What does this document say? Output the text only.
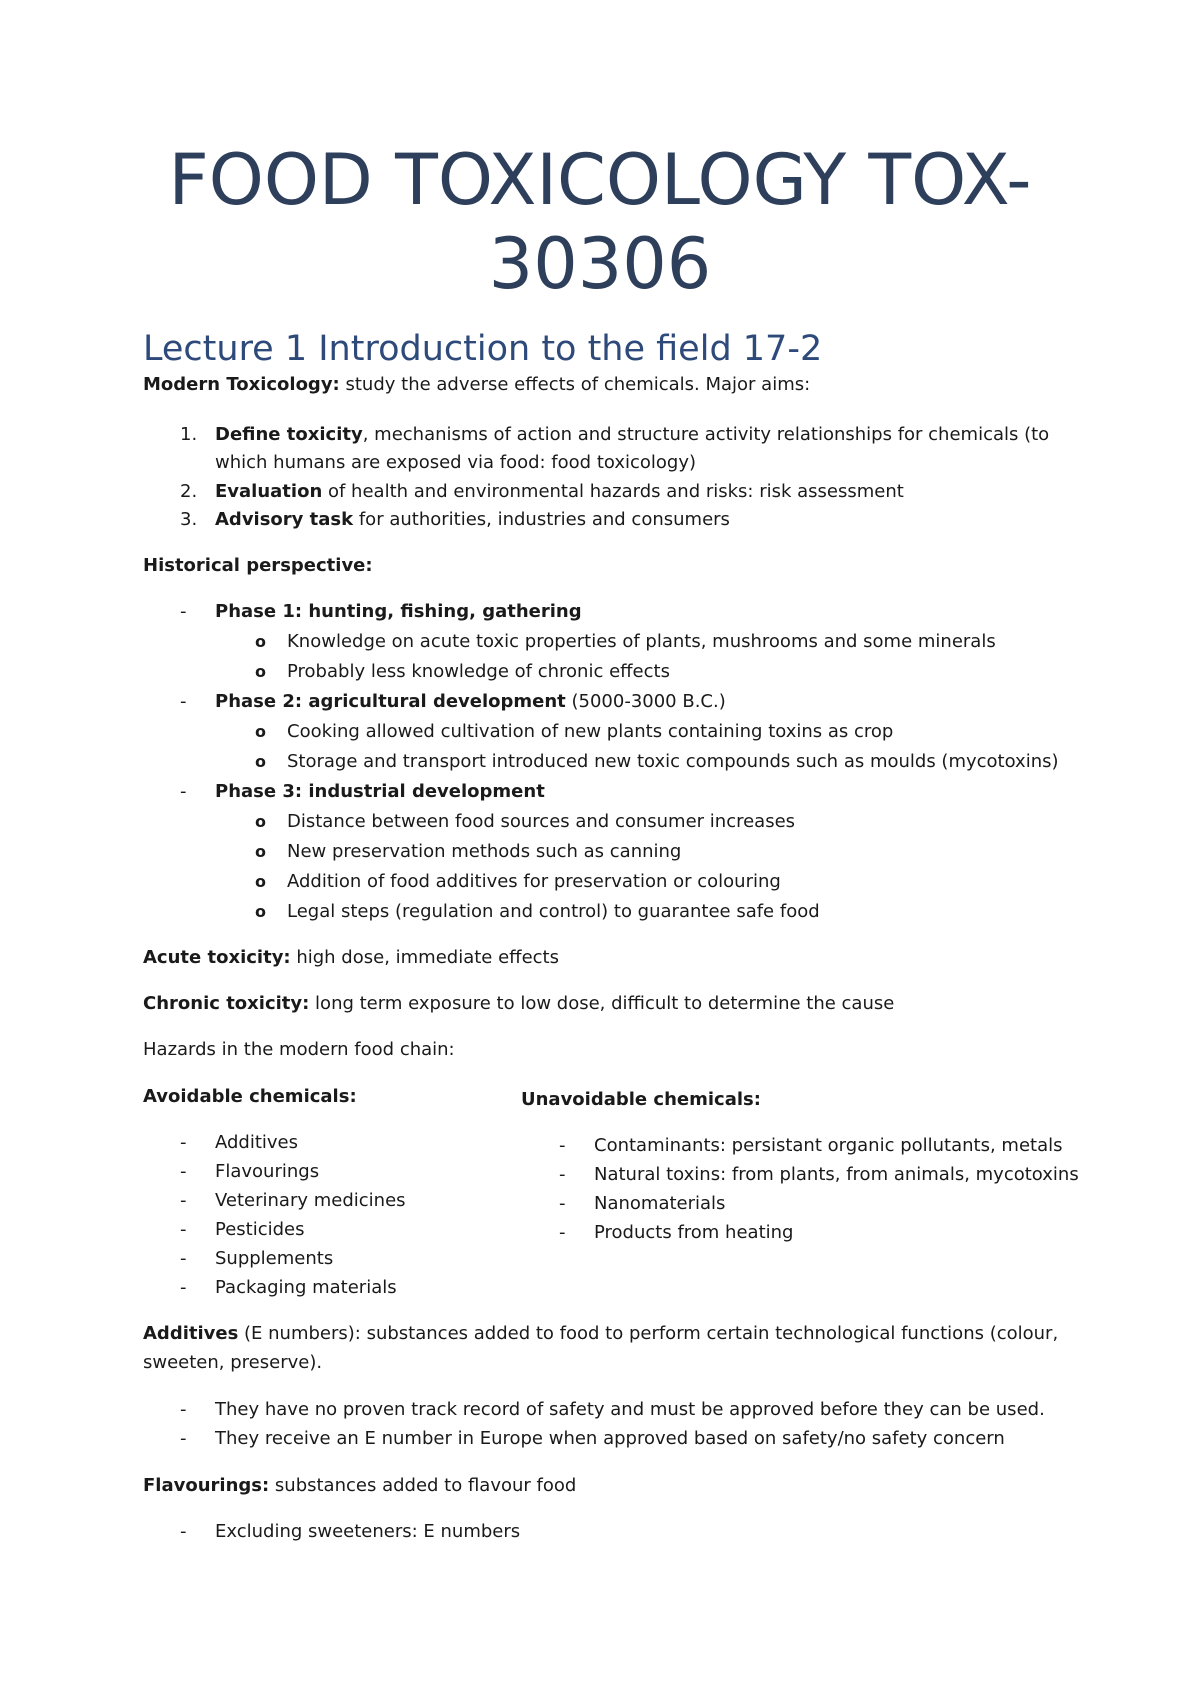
FOOD TOXICOLOGY TOX-
30306
Lecture 1 Introduction to the field 17-2
Modern Toxicology: study the adverse effects of chemicals. Major aims:
1. Define toxicity, mechanisms of action and structure activity relationships for chemicals (to
which humans are exposed via food: food toxicology)
2. Evaluation of health and environmental hazards and risks: risk assessment
3. Advisory task for authorities, industries and consumers
Historical perspective:
- Phase 1: hunting, fishing, gathering
o Knowledge on acute toxic properties of plants, mushrooms and some minerals
o Probably less knowledge of chronic effects
- Phase 2: agricultural development (5000-3000 B.C.)
o Cooking allowed cultivation of new plants containing toxins as crop
o Storage and transport introduced new toxic compounds such as moulds (mycotoxins)
- Phase 3: industrial development
o Distance between food sources and consumer increases
o New preservation methods such as canning
o Addition of food additives for preservation or colouring
o Legal steps (regulation and control) to guarantee safe food
Acute toxicity: high dose, immediate effects
Chronic toxicity: long term exposure to low dose, difficult to determine the cause
Hazards in the modern food chain:
Avoidable chemicals:
- Additives
- Flavourings
- Veterinary medicines
- Pesticides
- Supplements
- Packaging materials
Unavoidable chemicals:
- Contaminants: persistant organic pollutants, metals
- Natural toxins: from plants, from animals, mycotoxins
- Nanomaterials
- Products from heating
Additives (E numbers): substances added to food to perform certain technological functions (colour,
sweeten, preserve).
- They have no proven track record of safety and must be approved before they can be used.
- They receive an E number in Europe when approved based on safety/no safety concern
Flavourings: substances added to flavour food
- Excluding sweeteners: E numbers
